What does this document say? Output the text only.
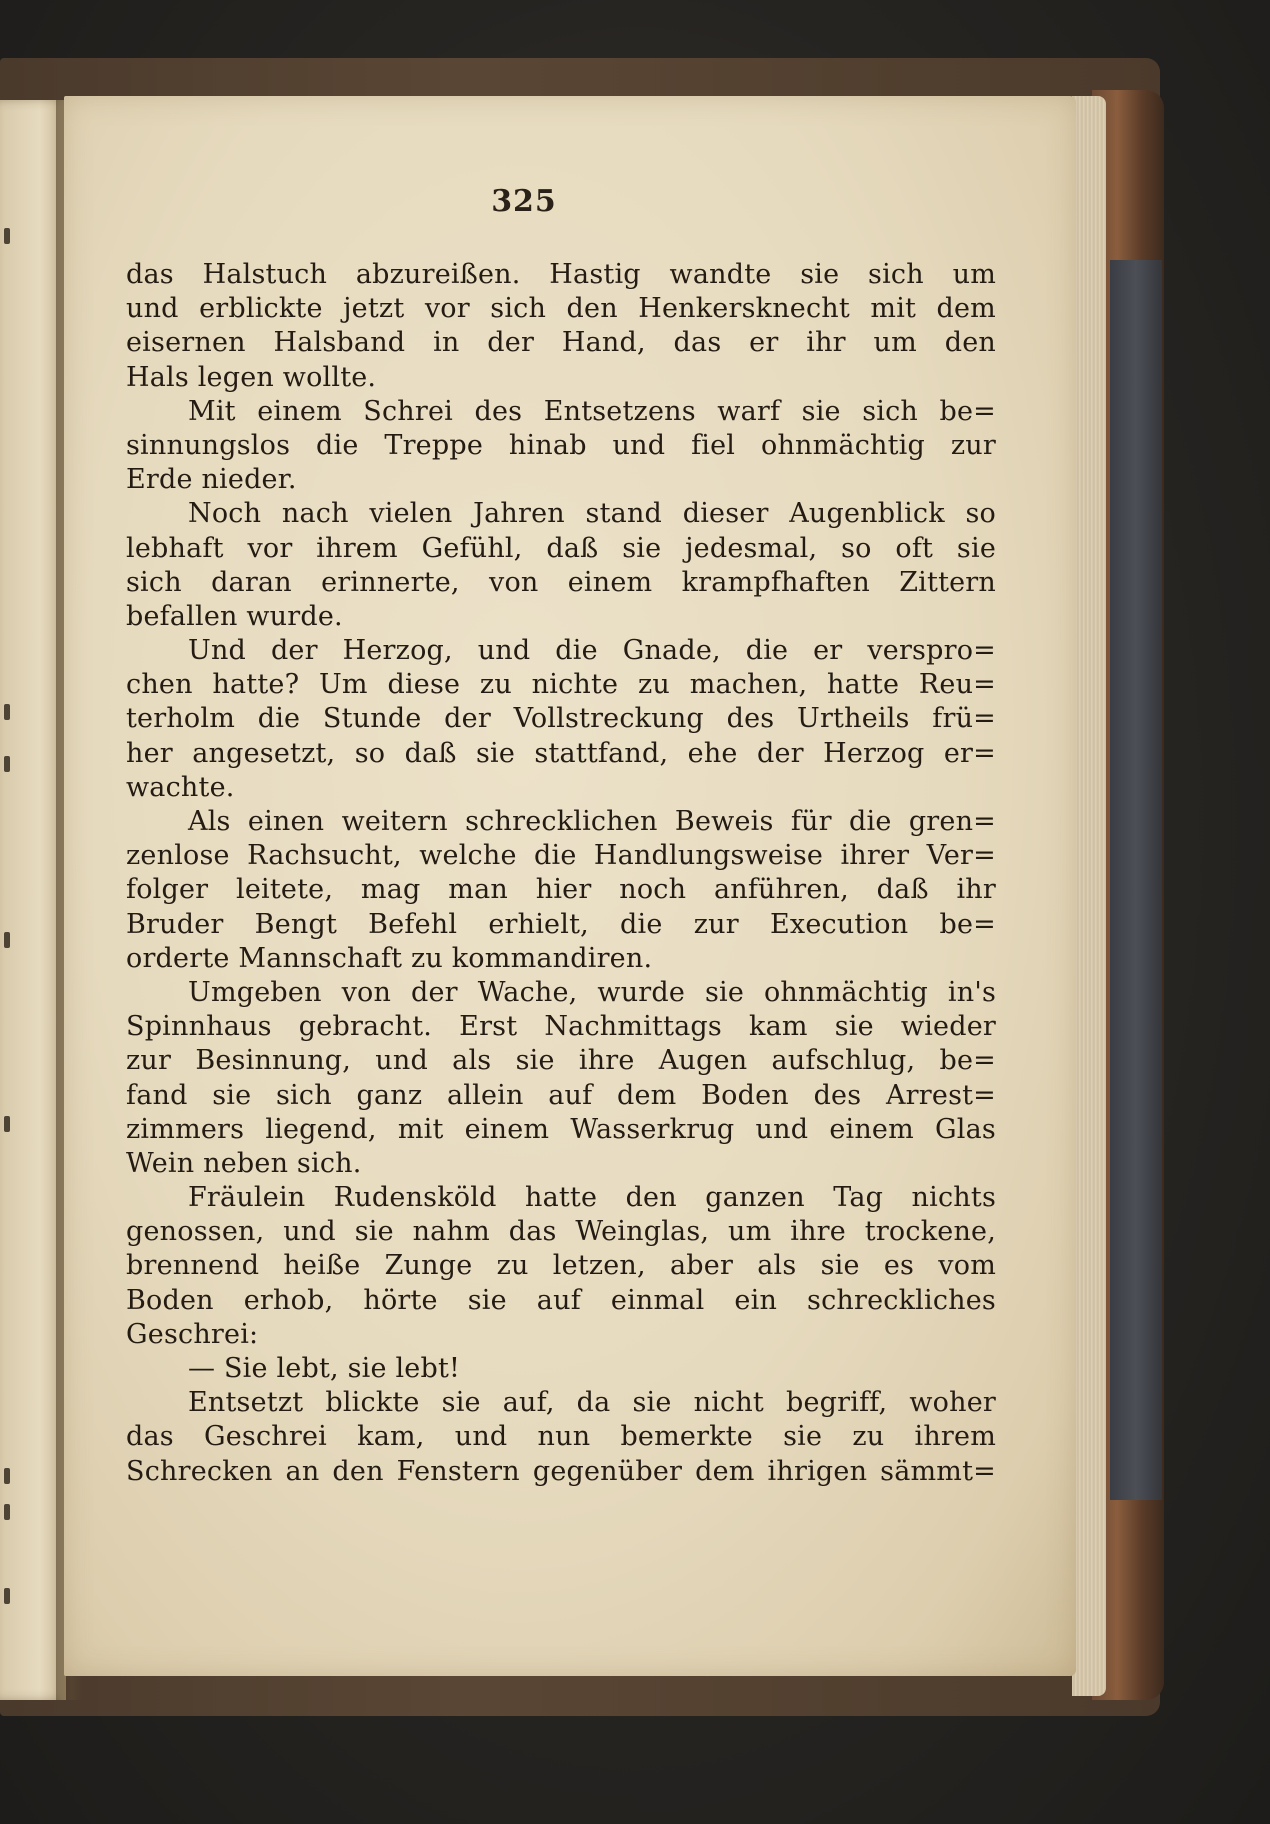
325
das Halstuch abzureißen. Hastig wandte sie sich um
und erblickte jetzt vor sich den Henkersknecht mit dem
eisernen Halsband in der Hand, das er ihr um den
Hals legen wollte.
Mit einem Schrei des Entsetzens warf sie sich be=
sinnungslos die Treppe hinab und fiel ohnmächtig zur
Erde nieder.
Noch nach vielen Jahren stand dieser Augenblick so
lebhaft vor ihrem Gefühl, daß sie jedesmal, so oft sie
sich daran erinnerte, von einem krampfhaften Zittern
befallen wurde.
Und der Herzog, und die Gnade, die er verspro=
chen hatte? Um diese zu nichte zu machen, hatte Reu=
terholm die Stunde der Vollstreckung des Urtheils frü=
her angesetzt, so daß sie stattfand, ehe der Herzog er=
wachte.
Als einen weitern schrecklichen Beweis für die gren=
zenlose Rachsucht, welche die Handlungsweise ihrer Ver=
folger leitete, mag man hier noch anführen, daß ihr
Bruder Bengt Befehl erhielt, die zur Execution be=
orderte Mannschaft zu kommandiren.
Umgeben von der Wache, wurde sie ohnmächtig in's
Spinnhaus gebracht. Erst Nachmittags kam sie wieder
zur Besinnung, und als sie ihre Augen aufschlug, be=
fand sie sich ganz allein auf dem Boden des Arrest=
zimmers liegend, mit einem Wasserkrug und einem Glas
Wein neben sich.
Fräulein Rudensköld hatte den ganzen Tag nichts
genossen, und sie nahm das Weinglas, um ihre trockene,
brennend heiße Zunge zu letzen, aber als sie es vom
Boden erhob, hörte sie auf einmal ein schreckliches
Geschrei:
— Sie lebt, sie lebt!
Entsetzt blickte sie auf, da sie nicht begriff, woher
das Geschrei kam, und nun bemerkte sie zu ihrem
Schrecken an den Fenstern gegenüber dem ihrigen sämmt=
